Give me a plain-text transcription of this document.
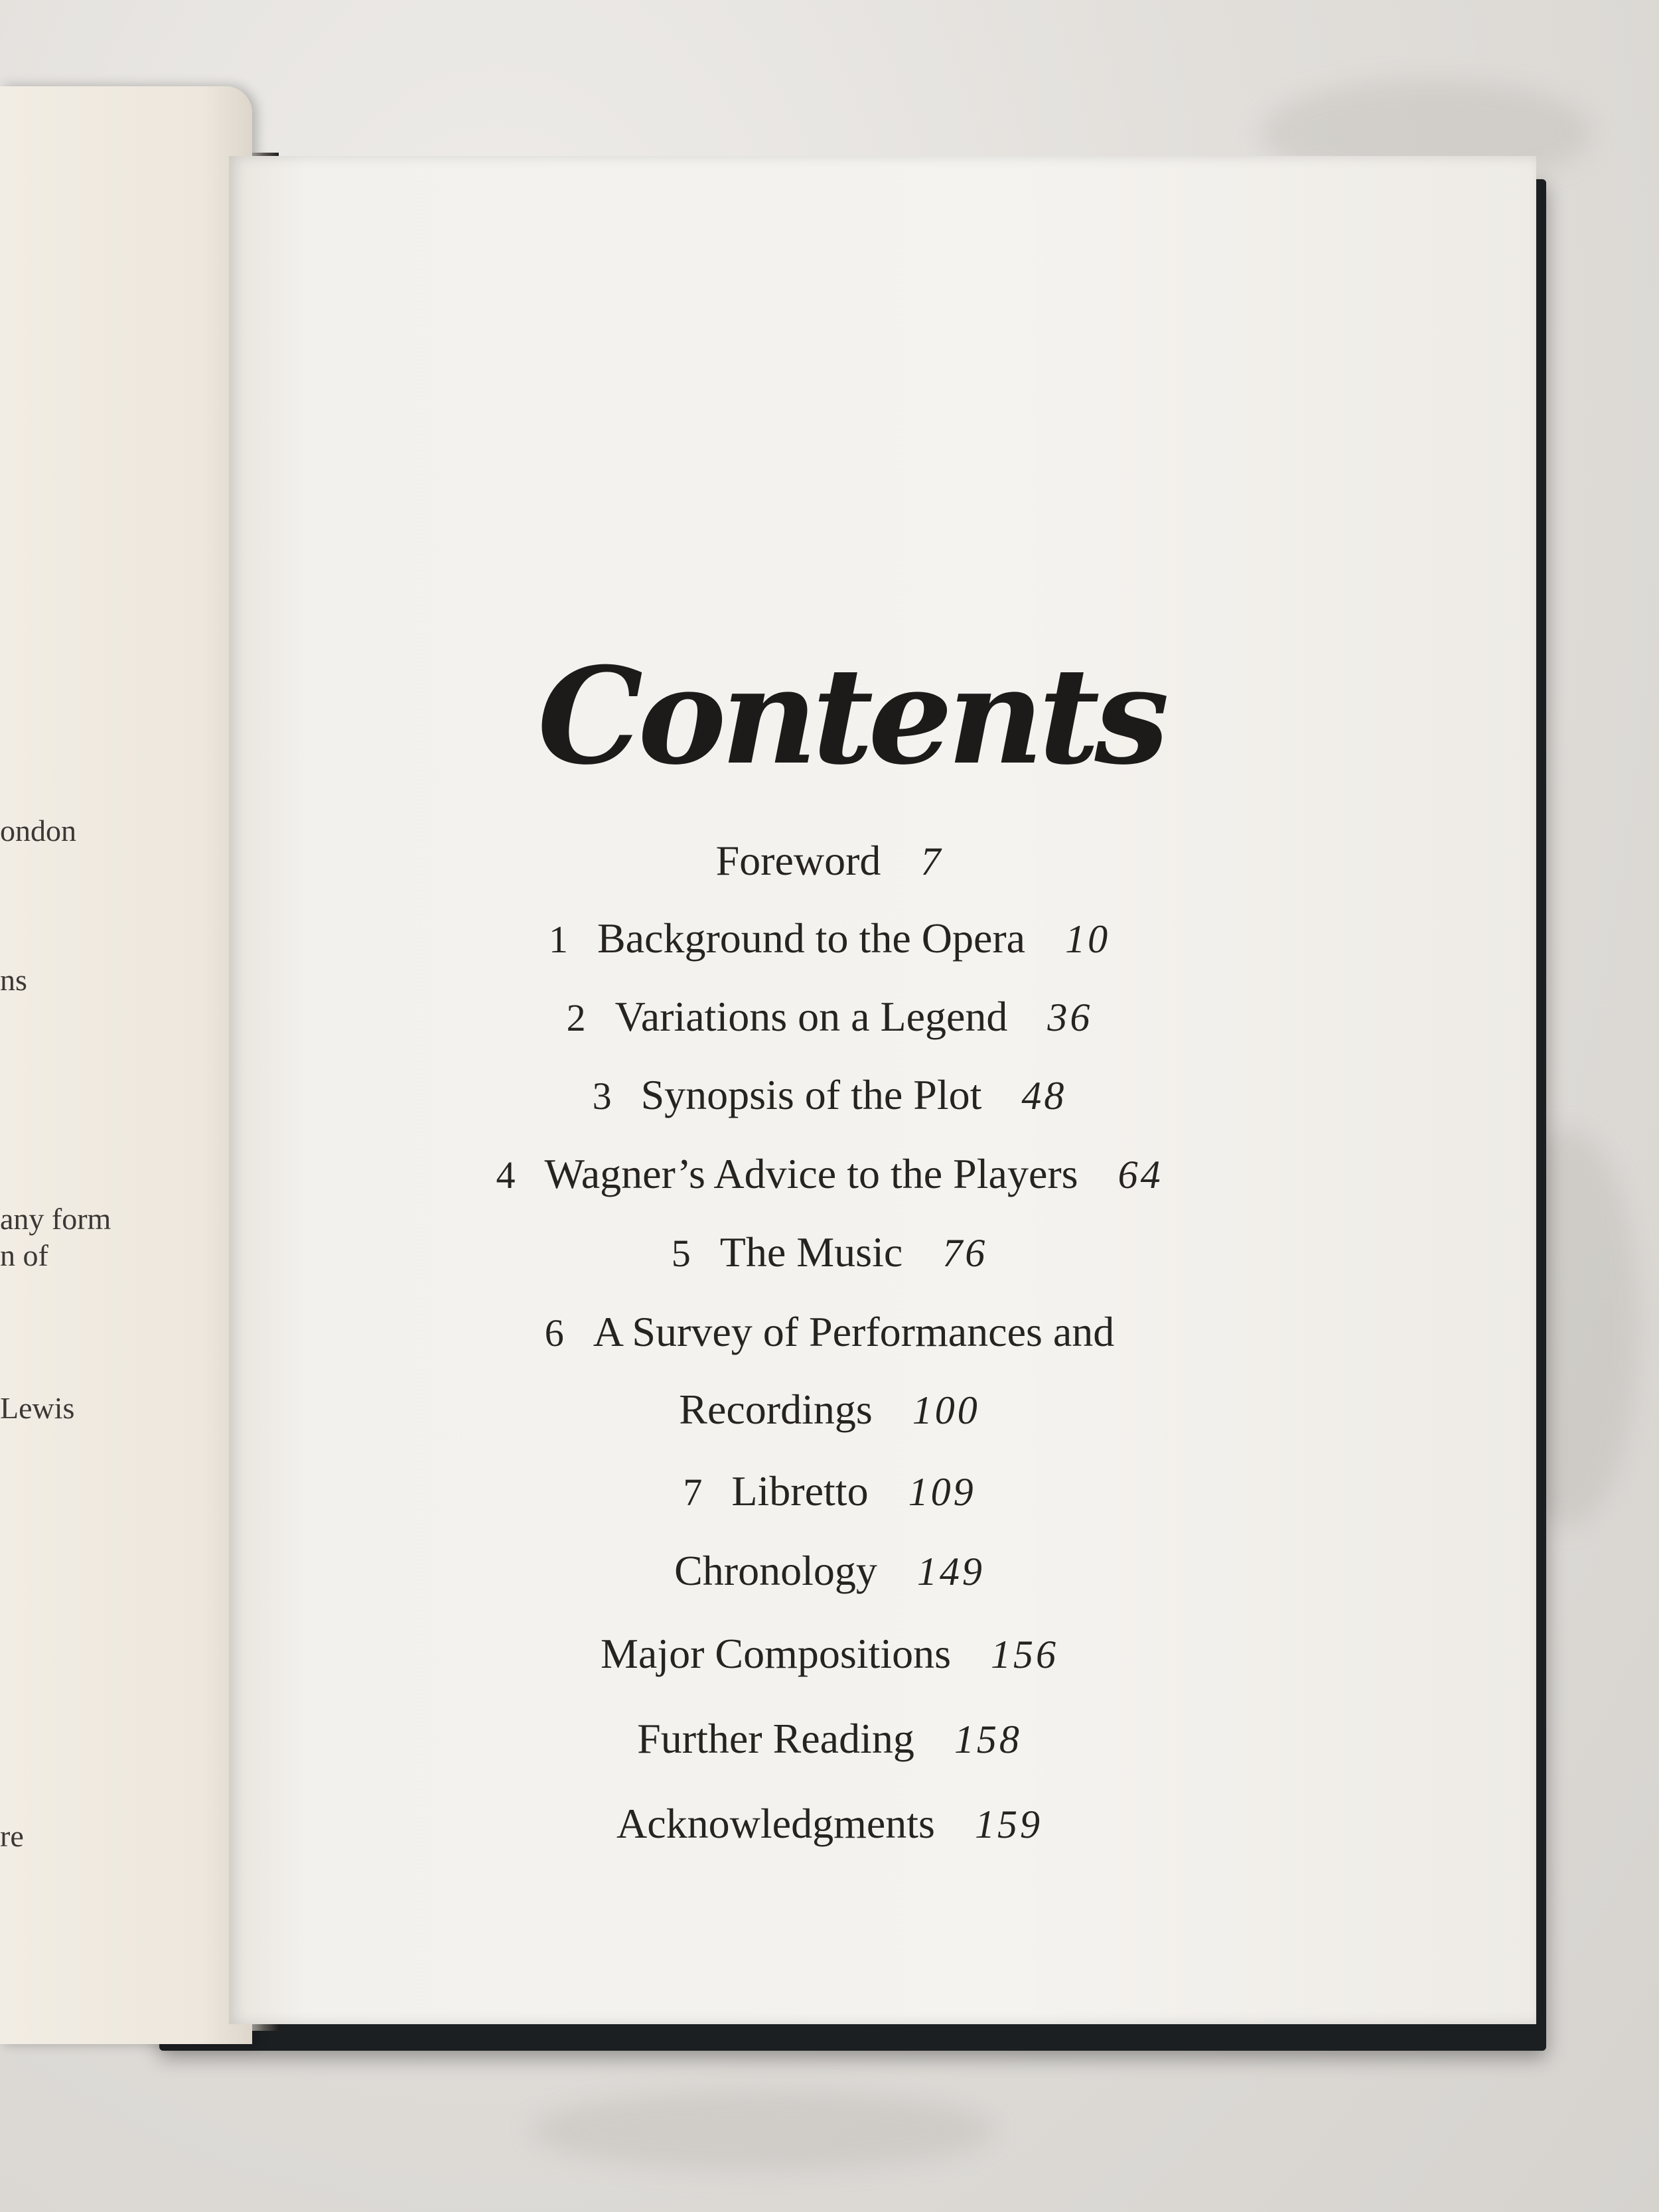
ondon
ns
any form
n of
Lewis
re
Contents
Foreword 7
1 Background to the Opera 10
2 Variations on a Legend 36
3 Synopsis of the Plot 48
4 Wagner’s Advice to the Players 64
5 The Music 76
6 A Survey of Performances and
Recordings 100
7 Libretto 109
Chronology 149
Major Compositions 156
Further Reading 158
Acknowledgments 159
